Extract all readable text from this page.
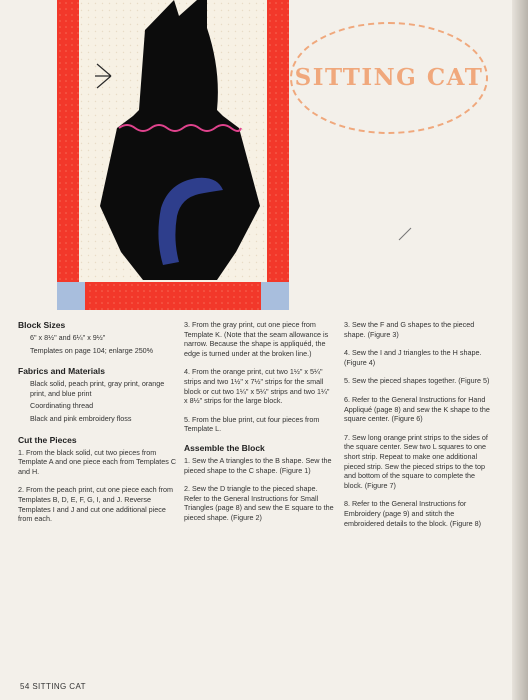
SITTING CAT
Block Sizes

6" x 8½" and 6¼" x 9½"

Templates on page 104; enlarge 250%

Fabrics and Materials

Black solid, peach print, gray print, orange print, and blue print

Coordinating thread

Black and pink embroidery floss

Cut the Pieces

1. From the black solid, cut two pieces from Template A and one piece each from Templates C and H.

2. From the peach print, cut one piece each from Templates B, D, E, F, G, I, and J. Reverse Templates I and J and cut one additional piece from each.

3. From the gray print, cut one piece from Template K. (Note that the seam allowance is narrow. Because the shape is appliquéd, the edge is turned under at the broken line.)

4. From the orange print, cut two 1½" x 5¼" strips and two 1½" x 7½" strips for the small block or cut two 1¼" x 5¼" strips and two 1¼" x 8½" strips for the large block.

5. From the blue print, cut four pieces from Template L.

Assemble the Block

1. Sew the A triangles to the B shape. Sew the pieced shape to the C shape. (Figure 1)

2. Sew the D triangle to the pieced shape. Refer to the General Instructions for Small Triangles (page 8) and sew the E square to the pieced shape. (Figure 2)

3. Sew the F and G shapes to the pieced shape. (Figure 3)

4. Sew the I and J triangles to the H shape. (Figure 4)

5. Sew the pieced shapes together. (Figure 5)

6. Refer to the General Instructions for Hand Appliqué (page 8) and sew the K shape to the square center. (Figure 6)

7. Sew long orange print strips to the sides of the square center. Sew two L squares to one short strip. Repeat to make one additional pieced strip. Sew the pieced strips to the top and bottom of the square to complete the block. (Figure 7)

8. Refer to the General Instructions for Embroidery (page 9) and stitch the embroidered details to the block. (Figure 8)

54 SITTING CAT
